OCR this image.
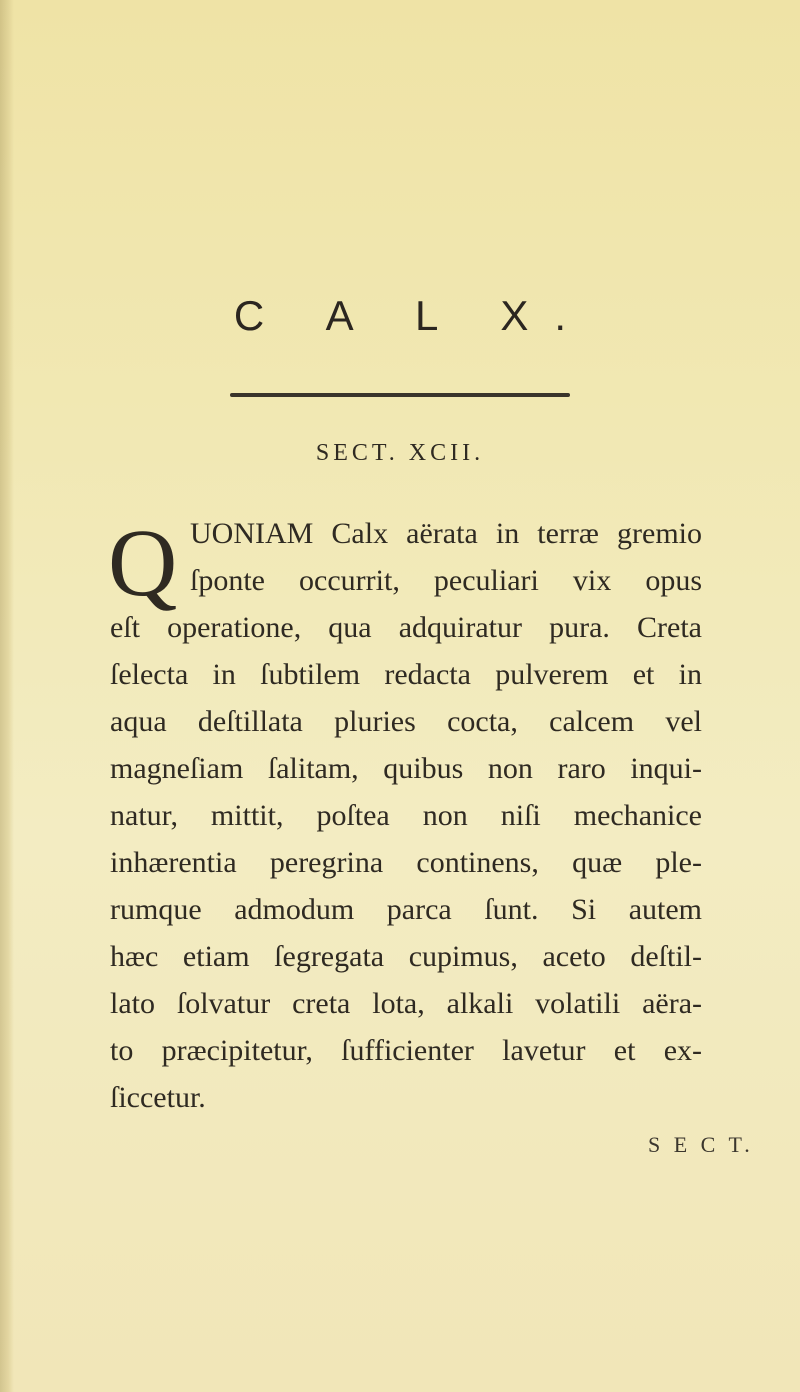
C A L X.
SECT. XCII.
Q UONIAM Calx aërata in terræ gremio
ſponte occurrit, peculiari vix opus
eſt operatione, qua adquiratur pura. Creta
ſelecta in ſubtilem redacta pulverem et in
aqua deſtillata pluries cocta, calcem vel
magneſiam ſalitam, quibus non raro inqui-
natur, mittit, poſtea non niſi mechanice
inhærentia peregrina continens, quæ ple-
rumque admodum parca ſunt. Si autem
hæc etiam ſegregata cupimus, aceto deſtil-
lato ſolvatur creta lota, alkali volatili aëra-
to præcipitetur, ſufficienter lavetur et ex-
ſiccetur.
S E C T.
